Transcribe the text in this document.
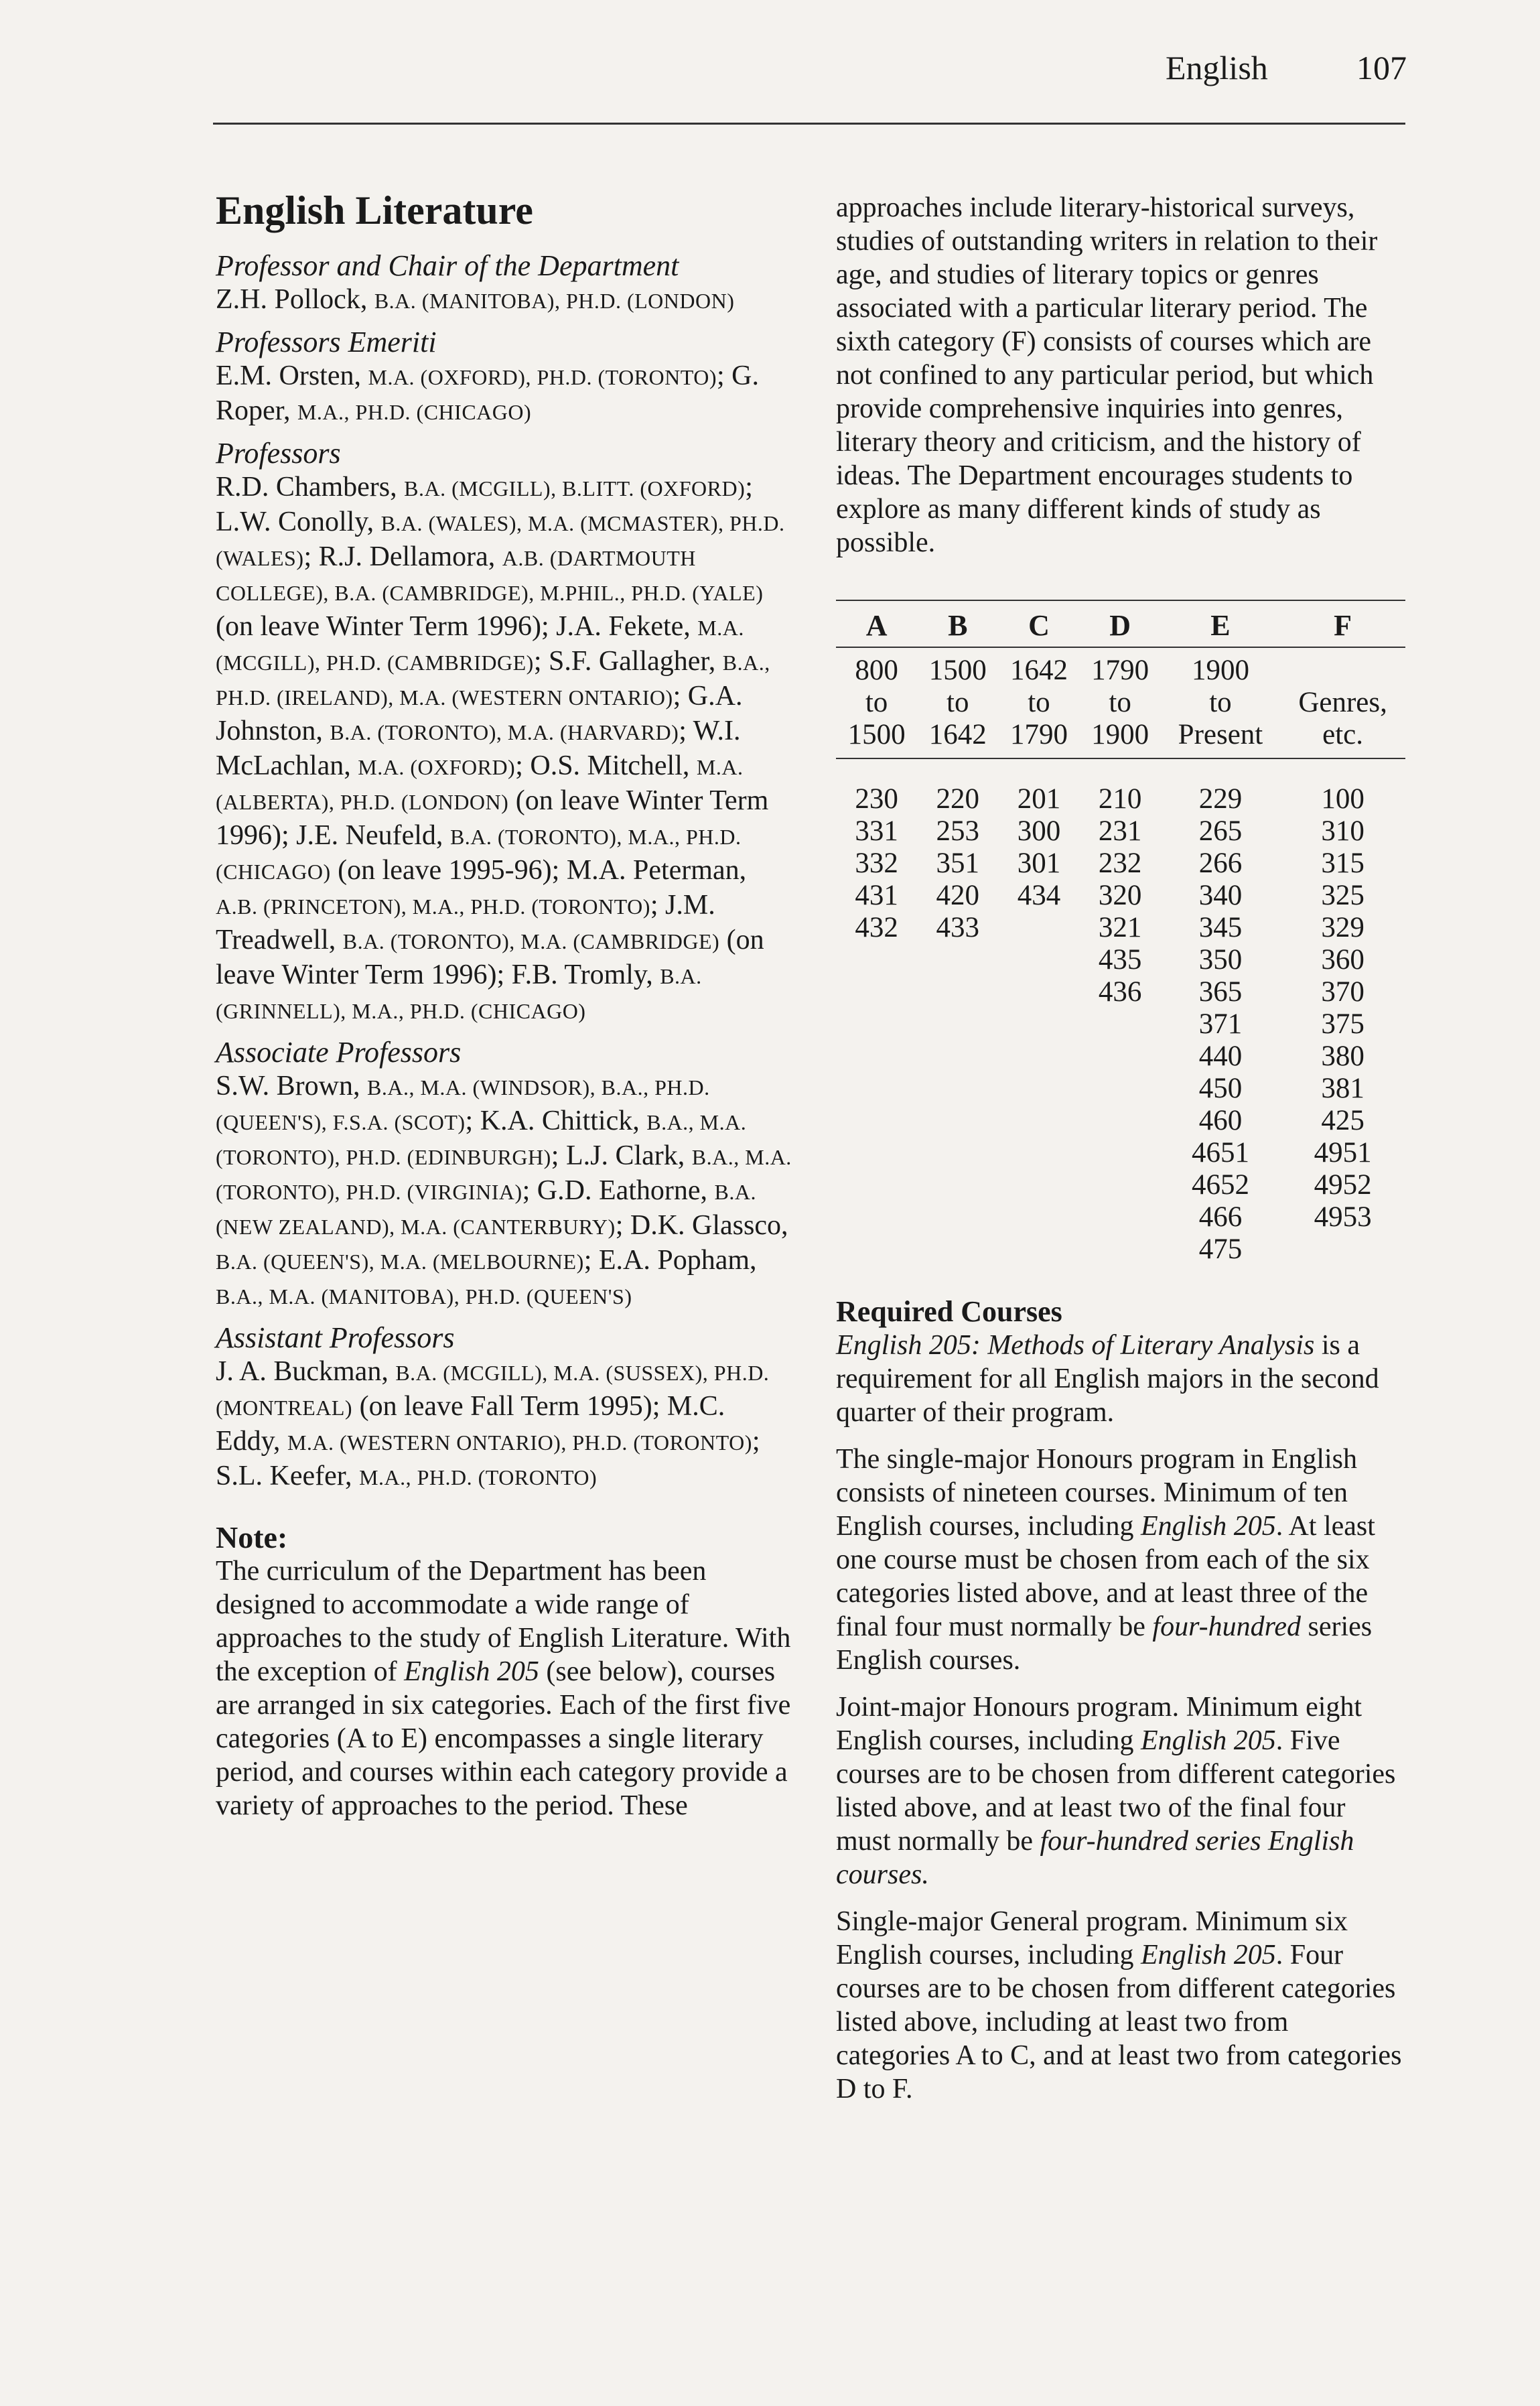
English	107
English Literature
Professor and Chair of the Department
Z.H. Pollock, B.A. (MANITOBA), PH.D. (LONDON)
Professors Emeriti
E.M. Orsten, M.A. (OXFORD), PH.D. (TORONTO); G. Roper, M.A., PH.D. (CHICAGO)
Professors
R.D. Chambers, B.A. (MCGILL), B.LITT. (OXFORD); L.W. Conolly, B.A. (WALES), M.A. (MCMASTER), PH.D. (WALES); R.J. Dellamora, A.B. (DARTMOUTH COLLEGE), B.A. (CAMBRIDGE), M.PHIL., PH.D. (YALE) (on leave Winter Term 1996); J.A. Fekete, M.A. (MCGILL), PH.D. (CAMBRIDGE); S.F. Gallagher, B.A., PH.D. (IRELAND), M.A. (WESTERN ONTARIO); G.A. Johnston, B.A. (TORONTO), M.A. (HARVARD); W.I. McLachlan, M.A. (OXFORD); O.S. Mitchell, M.A. (ALBERTA), PH.D. (LONDON) (on leave Winter Term 1996); J.E. Neufeld, B.A. (TORONTO), M.A., PH.D. (CHICAGO) (on leave 1995-96); M.A. Peterman, A.B. (PRINCETON), M.A., PH.D. (TORONTO); J.M. Treadwell, B.A. (TORONTO), M.A. (CAMBRIDGE) (on leave Winter Term 1996); F.B. Tromly, B.A. (GRINNELL), M.A., PH.D. (CHICAGO)
Associate Professors
S.W. Brown, B.A., M.A. (WINDSOR), B.A., PH.D. (QUEEN'S), F.S.A. (SCOT); K.A. Chittick, B.A., M.A. (TORONTO), PH.D. (EDINBURGH); L.J. Clark, B.A., M.A. (TORONTO), PH.D. (VIRGINIA); G.D. Eathorne, B.A. (NEW ZEALAND), M.A. (CANTERBURY); D.K. Glassco, B.A. (QUEEN'S), M.A. (MELBOURNE); E.A. Popham, B.A., M.A. (MANITOBA), PH.D. (QUEEN'S)
Assistant Professors
J. A. Buckman, B.A. (MCGILL), M.A. (SUSSEX), PH.D. (MONTREAL) (on leave Fall Term 1995); M.C. Eddy, M.A. (WESTERN ONTARIO), PH.D. (TORONTO); S.L. Keefer, M.A., PH.D. (TORONTO)
Note:

The curriculum of the Department has been designed to accommodate a wide range of approaches to the study of English Literature. With the exception of English 205 (see below), courses are arranged in six categories. Each of the first five categories (A to E) encompasses a single literary period, and courses within each category provide a variety of approaches to the period. These

approaches include literary-historical surveys, studies of outstanding writers in relation to their age, and studies of literary topics or genres associated with a particular literary period. The sixth category (F) consists of courses which are not confined to any particular period, but which provide comprehensive inquiries into genres, literary theory and criticism, and the history of ideas. The Department encourages students to explore as many different kinds of study as possible.

A	B	C	D	E	F
800	1500	1642	1790	1900	
to	to	to	to	to	Genres,
1500	1642	1790	1900	Present	etc.
230	220	201	210	229	100
331	253	300	231	265	310
332	351	301	232	266	315
431	420	434	320	340	325
432	433		321	345	329
			435	350	360
			436	365	370
				371	375
				440	380
				450	381
				460	425
				4651	4951
				4652	4952
				466	4953
				475	
Required Courses

English 205: Methods of Literary Analysis is a requirement for all English majors in the second quarter of their program.

The single-major Honours program in English consists of nineteen courses. Minimum of ten English courses, including English 205. At least one course must be chosen from each of the six categories listed above, and at least three of the final four must normally be four-hundred series English courses.

Joint-major Honours program. Minimum eight English courses, including English 205. Five courses are to be chosen from different categories listed above, and at least two of the final four must normally be four-hundred series English courses.

Single-major General program. Minimum six English courses, including English 205. Four courses are to be chosen from different categories listed above, including at least two from categories A to C, and at least two from categories D to F.
